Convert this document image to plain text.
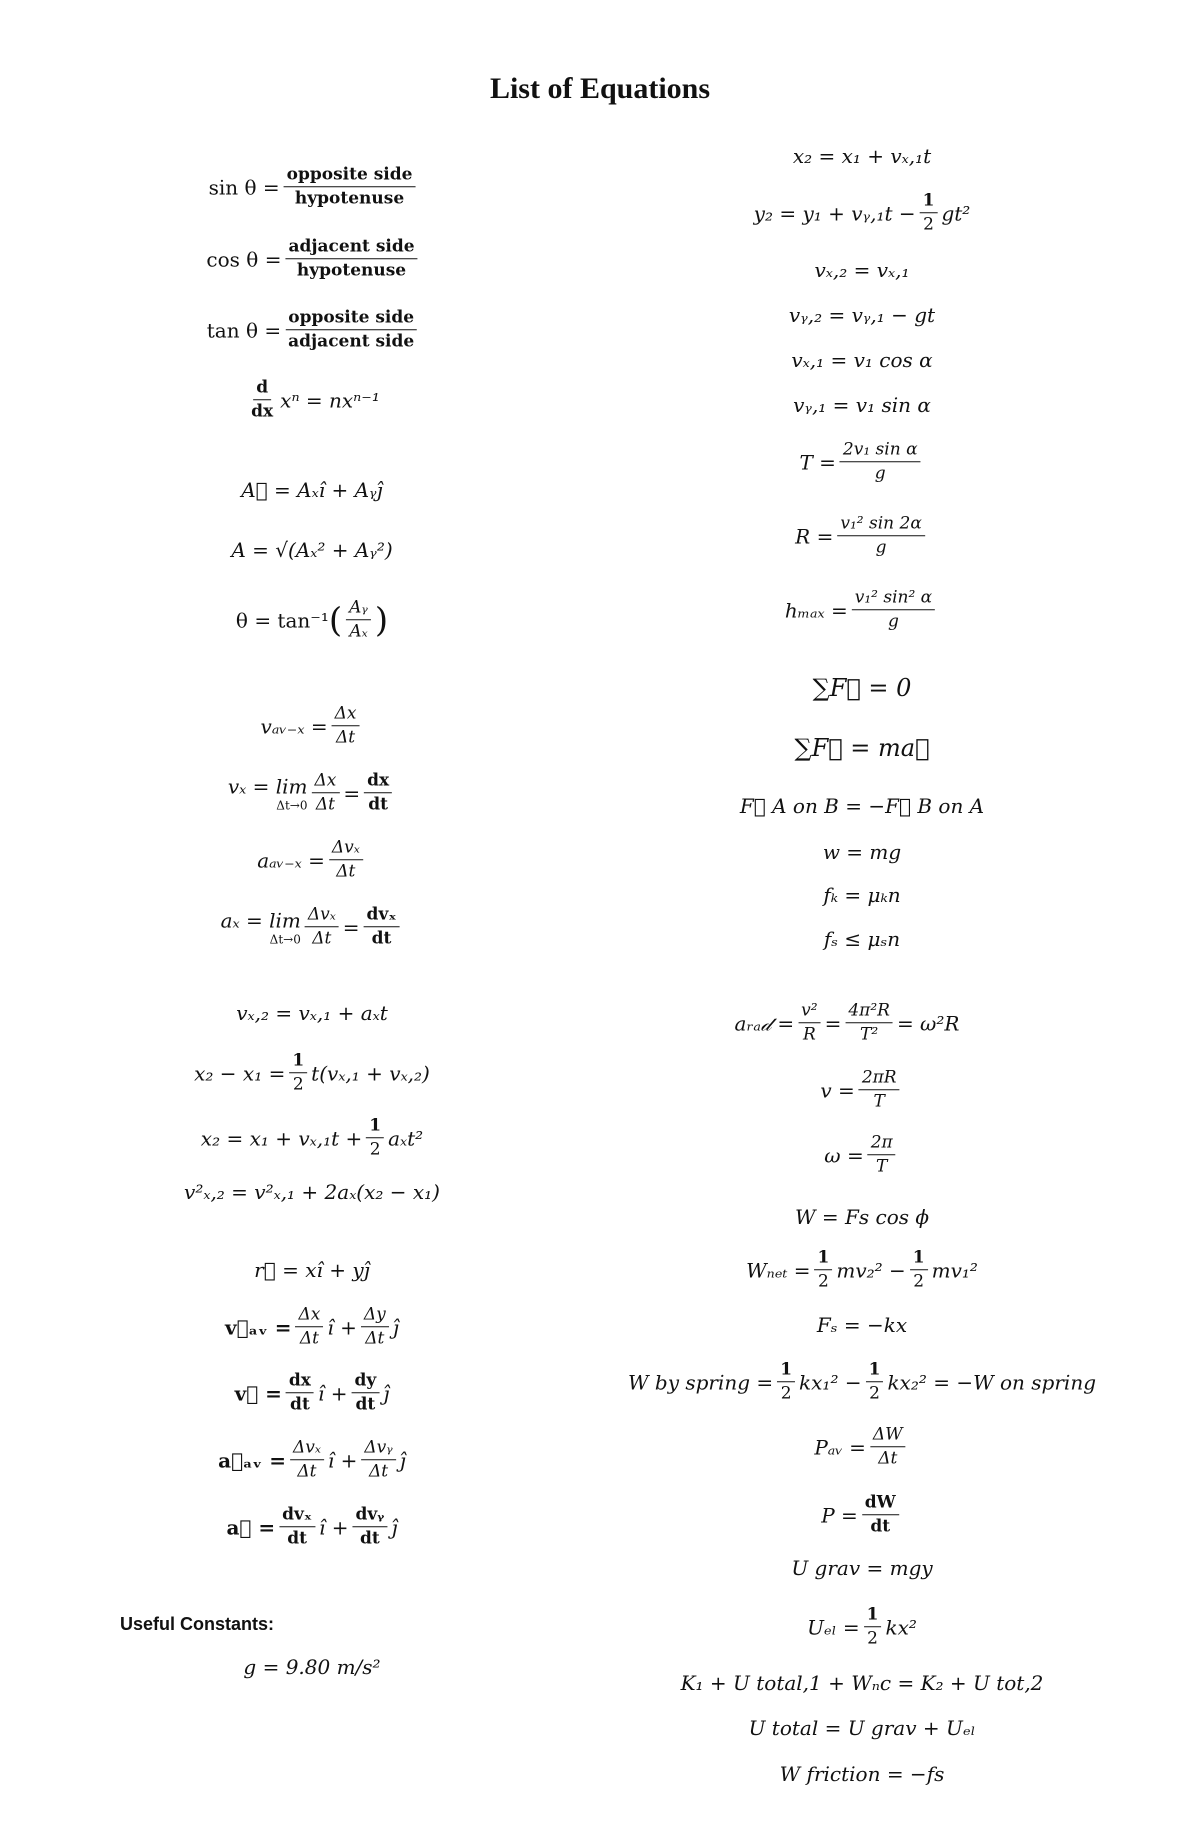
List of Equations
$\sin \theta = \frac{\text{opposite side}}{\text{hypotenuse}}$
$\cos \theta = \frac{\text{adjacent side}}{\text{hypotenuse}}$
$\tan \theta = \frac{\text{opposite side}}{\text{adjacent side}}$
$\frac{d}{dx}$ xⁿ = nxⁿ⁻¹
A⃗ = Aₓî + Aᵧĵ
A = √(Aₓ² + Aᵧ²)
θ = tan⁻¹ ( $\frac{\text{Aᵧ}}{\text{Aₓ}}$ )
vₐᵥ₋ₓ = $\frac{\Delta x}{\Delta t}$
vₓ = lim
$\Delta t\to 0 \frac{\Delta x}{\Delta t} = \frac{dx}{dt}$
aₐᵥ₋ₓ = $\frac{\text{Δvₓ}}{\Delta t}$
aₓ = lim
$\Delta t\to 0 \frac{\text{Δvₓ}}{\Delta t} = \frac{\text{dvₓ}}{dt}$
vₓ,₂ = vₓ,₁ + aₓt
$x_2 - x_1 = \frac{1}{2} t(v_x,_1 + v_x,_2)$
$x_2 = x_1 + v_x,_1t + \frac{1}{2} a_xt^2$
v²ₓ,₂ = v²ₓ,₁ + 2aₓ(x₂ − x₁)
r⃗ = xî + yĵ
v⃗ₐᵥ = $\frac{\Delta x}{\Delta t}$ î + $\frac{\Delta y}{\Delta t}$ ĵ
v⃗ = $\frac{dx}{dt}$ î + $\frac{dy}{dt}$ ĵ
a⃗ₐᵥ = $\frac{\text{Δvₓ}}{\Delta t}$ î + $\frac{\text{Δvᵧ}}{\Delta t}$ ĵ
a⃗ = $\frac{\text{dvₓ}}{dt}$ î + $\frac{\text{dvᵧ}}{dt}$ ĵ
Useful Constants:
g = 9.80 m/s²
x₂ = x₁ + vₓ,₁t
y₂ = y₁ + vᵧ,₁t − $\frac{1}{2} gt^2$
vₓ,₂ = vₓ,₁
vᵧ,₂ = vᵧ,₁ − gt
vₓ,₁ = v₁ cos α
vᵧ,₁ = v₁ sin α
$T = \frac{\text{2v₁ sin α}}{g}$
$R = \frac{\text{v₁² sin 2α}}{g}$
$h_{max} = \frac{\text{v₁² sin² α}}{g}$
∑F⃗ = 0
∑F⃗ = ma⃗
F⃗ A on B = −F⃗ B on A
w = mg
fₖ = μₖn
fₛ ≤ μₛn
aᵣₐ𝒹 = $\frac{\text{v²}}{R} = \frac{\text{4π²R}}{\text{T²}} = \omega^2R$
$v = \frac{2\pi R}{T}$
$\omega = \frac{2\pi}{T}$
W = Fs cos ϕ
$W_{net} = \frac{1}{2} mv_2^2 - \frac{1}{2} mv_1^2$
Fₛ = −kx
W by spring = $\frac{1}{2} kx_1^2 - \frac{1}{2} kx_2^2 = -W$ on spring
Pₐᵥ = $\frac{\Delta W}{\Delta t}$
$P = \frac{dW}{dt}$
U grav = mgy
$U_{el} = \frac{1}{2} kx^2$
K₁ + U total,1 + Wₙc = K₂ + U tot,2
U total = U grav + Uₑₗ
W friction = −fs
